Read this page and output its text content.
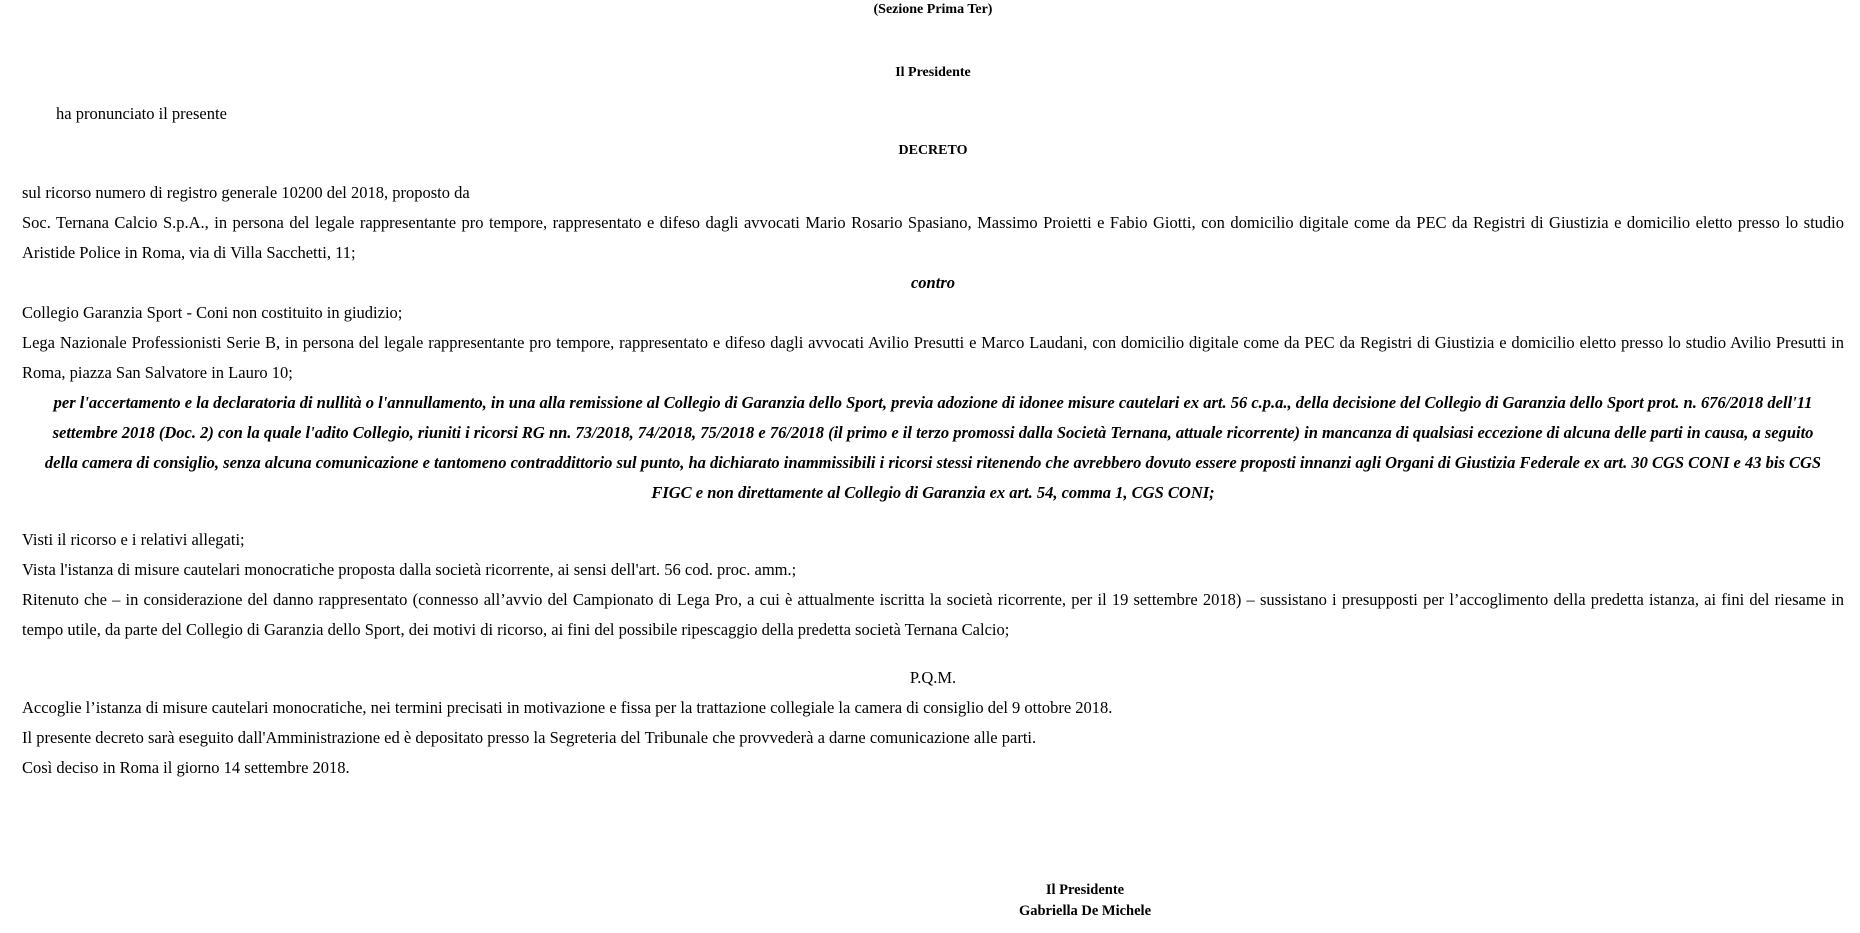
(Sezione Prima Ter)
Il Presidente
ha pronunciato il presente
DECRETO
sul ricorso numero di registro generale 10200 del 2018, proposto da
Soc. Ternana Calcio S.p.A., in persona del legale rappresentante pro tempore, rappresentato e difeso dagli avvocati Mario Rosario Spasiano, Massimo Proietti e Fabio Giotti, con domicilio digitale come da PEC da Registri di Giustizia e domicilio eletto presso lo studio Aristide Police in Roma, via di Villa Sacchetti, 11;
contro
Collegio Garanzia Sport - Coni non costituito in giudizio;
Lega Nazionale Professionisti Serie B, in persona del legale rappresentante pro tempore, rappresentato e difeso dagli avvocati Avilio Presutti e Marco Laudani, con domicilio digitale come da PEC da Registri di Giustizia e domicilio eletto presso lo studio Avilio Presutti in Roma, piazza San Salvatore in Lauro 10;
per l'accertamento e la declaratoria di nullità o l'annullamento, in una alla remissione al Collegio di Garanzia dello Sport, previa adozione di idonee misure cautelari ex art. 56 c.p.a., della decisione del Collegio di Garanzia dello Sport prot. n. 676/2018 dell'11 settembre 2018 (Doc. 2) con la quale l'adito Collegio, riuniti i ricorsi RG nn. 73/2018, 74/2018, 75/2018 e 76/2018 (il primo e il terzo promossi dalla Società Ternana, attuale ricorrente) in mancanza di qualsiasi eccezione di alcuna delle parti in causa, a seguito della camera di consiglio, senza alcuna comunicazione e tantomeno contraddittorio sul punto, ha dichiarato inammissibili i ricorsi stessi ritenendo che avrebbero dovuto essere proposti innanzi agli Organi di Giustizia Federale ex art. 30 CGS CONI e 43 bis CGS FIGC e non direttamente al Collegio di Garanzia ex art. 54, comma 1, CGS CONI;
Visti il ricorso e i relativi allegati;
Vista l'istanza di misure cautelari monocratiche proposta dalla società ricorrente, ai sensi dell'art. 56 cod. proc. amm.;
Ritenuto che – in considerazione del danno rappresentato (connesso all’avvio del Campionato di Lega Pro, a cui è attualmente iscritta la società ricorrente, per il 19 settembre 2018) – sussistano i presupposti per l’accoglimento della predetta istanza, ai fini del riesame in tempo utile, da parte del Collegio di Garanzia dello Sport, dei motivi di ricorso, ai fini del possibile ripescaggio della predetta società Ternana Calcio;
P.Q.M.
Accoglie l’istanza di misure cautelari monocratiche, nei termini precisati in motivazione e fissa per la trattazione collegiale la camera di consiglio del 9 ottobre 2018.
Il presente decreto sarà eseguito dall'Amministrazione ed è depositato presso la Segreteria del Tribunale che provvederà a darne comunicazione alle parti.
Così deciso in Roma il giorno 14 settembre 2018.
Il Presidente
Gabriella De Michele
